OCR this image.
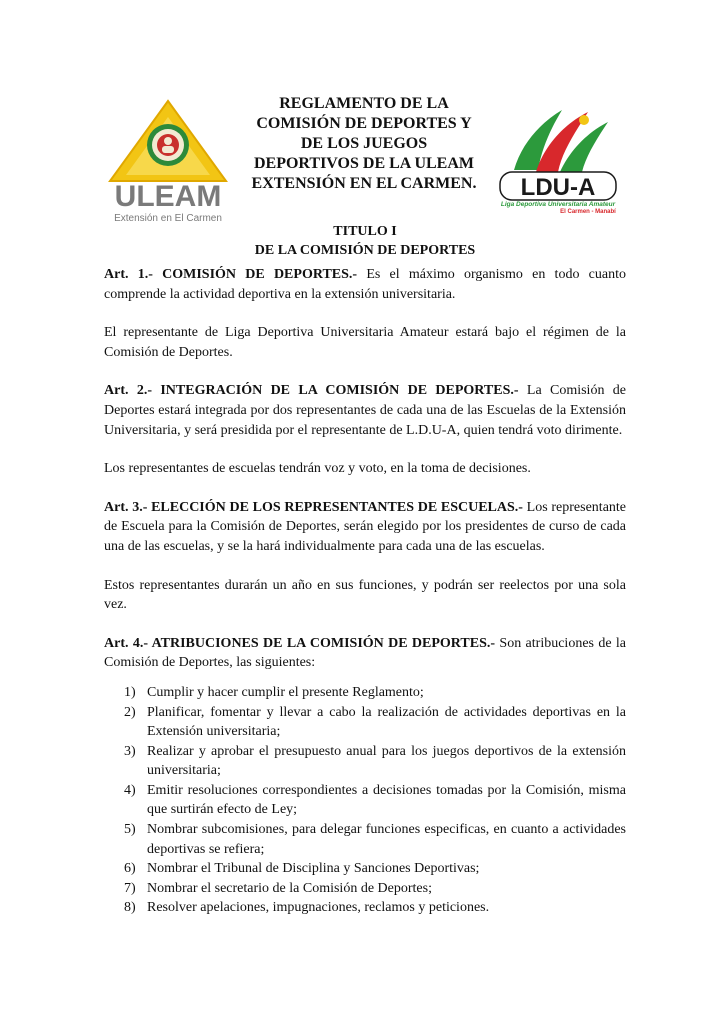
ULEAM
Extensión en El Carmen
REGLAMENTO DE LA
COMISIÓN DE DEPORTES Y
DE LOS JUEGOS
DEPORTIVOS DE LA ULEAM
EXTENSIÓN EN EL CARMEN.	LDU-A
Liga Deportiva Universitaria Amateur
El Carmen - Manabí
TITULO I
DE LA COMISIÓN DE DEPORTES

Art. 1.- COMISIÓN DE DEPORTES.- Es el máximo organismo en todo cuanto comprende la actividad deportiva en la extensión universitaria.

El representante de Liga Deportiva Universitaria Amateur estará bajo el régimen de la Comisión de Deportes.

Art. 2.- INTEGRACIÓN DE LA COMISIÓN DE DEPORTES.- La Comisión de Deportes estará integrada por dos representantes de cada una de las Escuelas de la Extensión Universitaria, y será presidida por el representante de L.D.U-A, quien tendrá voto dirimente.

Los representantes de escuelas tendrán voz y voto, en la toma de decisiones.

Art. 3.- ELECCIÓN DE LOS REPRESENTANTES DE ESCUELAS.- Los representante de Escuela para la Comisión de Deportes, serán elegido por los presidentes de curso de cada una de las escuelas, y se la hará individualmente para cada una de las escuelas.

Estos representantes durarán un año en sus funciones, y podrán ser reelectos por una sola vez.

Art. 4.- ATRIBUCIONES DE LA COMISIÓN DE DEPORTES.- Son atribuciones de la Comisión de Deportes, las siguientes:

1) Cumplir y hacer cumplir el presente Reglamento;
2) Planificar, fomentar y llevar a cabo la realización de actividades deportivas en la Extensión universitaria;
3) Realizar y aprobar el presupuesto anual para los juegos deportivos de la extensión universitaria;
4) Emitir resoluciones correspondientes a decisiones tomadas por la Comisión, misma que surtirán efecto de Ley;
5) Nombrar subcomisiones, para delegar funciones especificas, en cuanto a actividades deportivas se refiera;
6) Nombrar el Tribunal de Disciplina y Sanciones Deportivas;
7) Nombrar el secretario de la Comisión de Deportes;
8) Resolver apelaciones, impugnaciones, reclamos y peticiones.
